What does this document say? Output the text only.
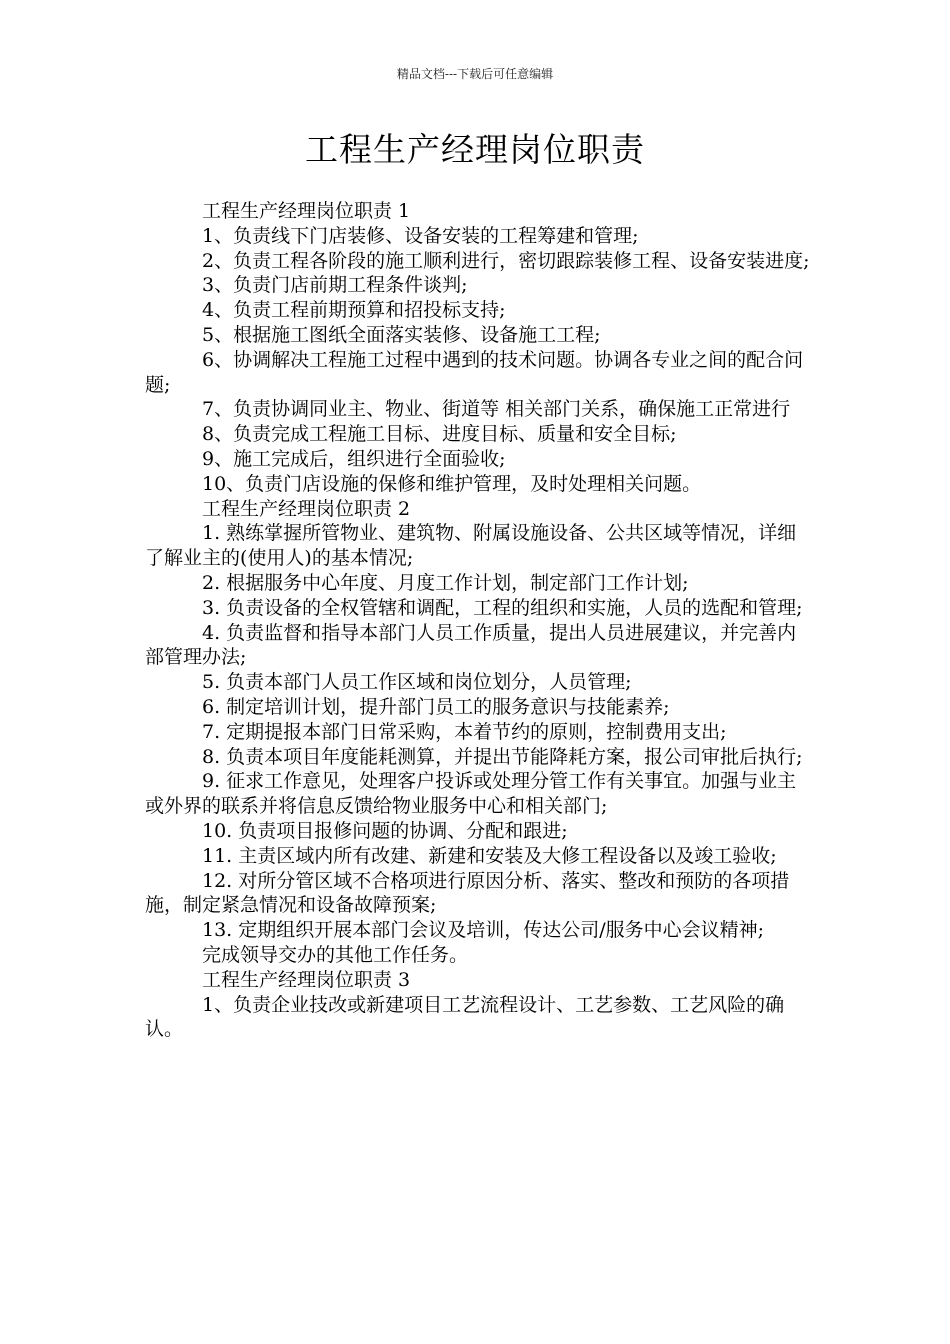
精品文档---下载后可任意编辑
工程生产经理岗位职责

工程生产经理岗位职责 1

1、负责线下门店装修、设备安装的工程筹建和管理;

2、负责工程各阶段的施工顺利进行，密切跟踪装修工程、设备安装进度;

3、负责门店前期工程条件谈判;

4、负责工程前期预算和招投标支持;

5、根据施工图纸全面落实装修、设备施工工程;

6、协调解决工程施工过程中遇到的技术问题。协调各专业之间的配合问题;

7、负责协调同业主、物业、街道等 相关部门关系，确保施工正常进行

8、负责完成工程施工目标、进度目标、质量和安全目标;

9、施工完成后，组织进行全面验收;

10、负责门店设施的保修和维护管理，及时处理相关问题。

工程生产经理岗位职责 2

1. 熟练掌握所管物业、建筑物、附属设施设备、公共区域等情况，详细了解业主的(使用人)的基本情况;

2. 根据服务中心年度、月度工作计划，制定部门工作计划;

3. 负责设备的全权管辖和调配，工程的组织和实施，人员的选配和管理;

4. 负责监督和指导本部门人员工作质量，提出人员进展建议，并完善内部管理办法;

5. 负责本部门人员工作区域和岗位划分，人员管理;

6. 制定培训计划，提升部门员工的服务意识与技能素养;

7. 定期提报本部门日常采购，本着节约的原则，控制费用支出;

8. 负责本项目年度能耗测算，并提出节能降耗方案，报公司审批后执行;

9. 征求工作意见，处理客户投诉或处理分管工作有关事宜。加强与业主或外界的联系并将信息反馈给物业服务中心和相关部门;

10. 负责项目报修问题的协调、分配和跟进;

11. 主责区域内所有改建、新建和安装及大修工程设备以及竣工验收;

12. 对所分管区域不合格项进行原因分析、落实、整改和预防的各项措施，制定紧急情况和设备故障预案;

13. 定期组织开展本部门会议及培训，传达公司/服务中心会议精神;

完成领导交办的其他工作任务。

工程生产经理岗位职责 3

1、负责企业技改或新建项目工艺流程设计、工艺参数、工艺风险的确认。
